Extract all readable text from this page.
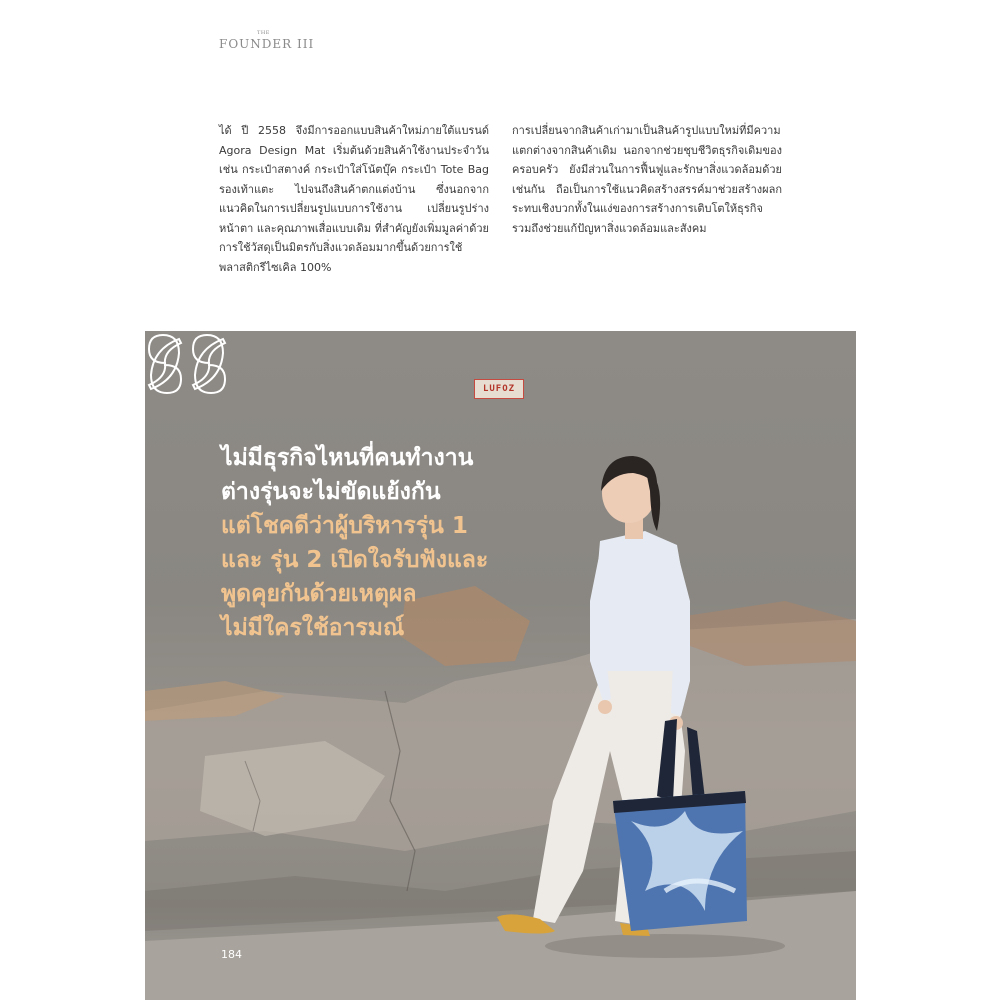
THE
FOUNDER III
ได้ ปี 2558 จึงมีการออกแบบสินค้าใหม่ภายใต้แบรนด์ Agora Design Mat เริ่มต้นด้วยสินค้าใช้งานประจำวัน เช่น กระเป๋าสตางค์ กระเป๋าใส่โน้ตบุ๊ค กระเป๋า Tote Bag รองเท้าแตะ ไปจนถึงสินค้าตกแต่งบ้าน ซึ่งนอกจากแนวคิดในการเปลี่ยนรูปแบบการใช้งาน เปลี่ยนรูปร่างหน้าตา และคุณภาพเสื่อแบบเดิม ที่สำคัญยังเพิ่มมูลค่าด้วยการใช้วัสดุเป็นมิตรกับสิ่งแวดล้อมมากขึ้นด้วยการใช้พลาสติกรีไซเคิล 100%
การเปลี่ยนจากสินค้าเก่ามาเป็นสินค้ารูปแบบใหม่ที่มีความแตกต่างจากสินค้าเดิม นอกจากช่วยชุบชีวิตธุรกิจเดิมของครอบครัว ยังมีส่วนในการฟื้นฟูและรักษาสิ่งแวดล้อมด้วยเช่นกัน ถือเป็นการใช้แนวคิดสร้างสรรค์มาช่วยสร้างผลกระทบเชิงบวกทั้งในแง่ของการสร้างการเติบโตให้ธุรกิจ รวมถึงช่วยแก้ปัญหาสิ่งแวดล้อมและสังคม
ไม่มีธุรกิจไหนที่คนทำงาน
ต่างรุ่นจะไม่ขัดแย้งกัน
แต่โชคดีว่าผู้บริหารรุ่น 1
และ รุ่น 2 เปิดใจรับฟังและ
พูดคุยกันด้วยเหตุผล
ไม่มีใครใช้อารมณ์
LUFOZ
184
